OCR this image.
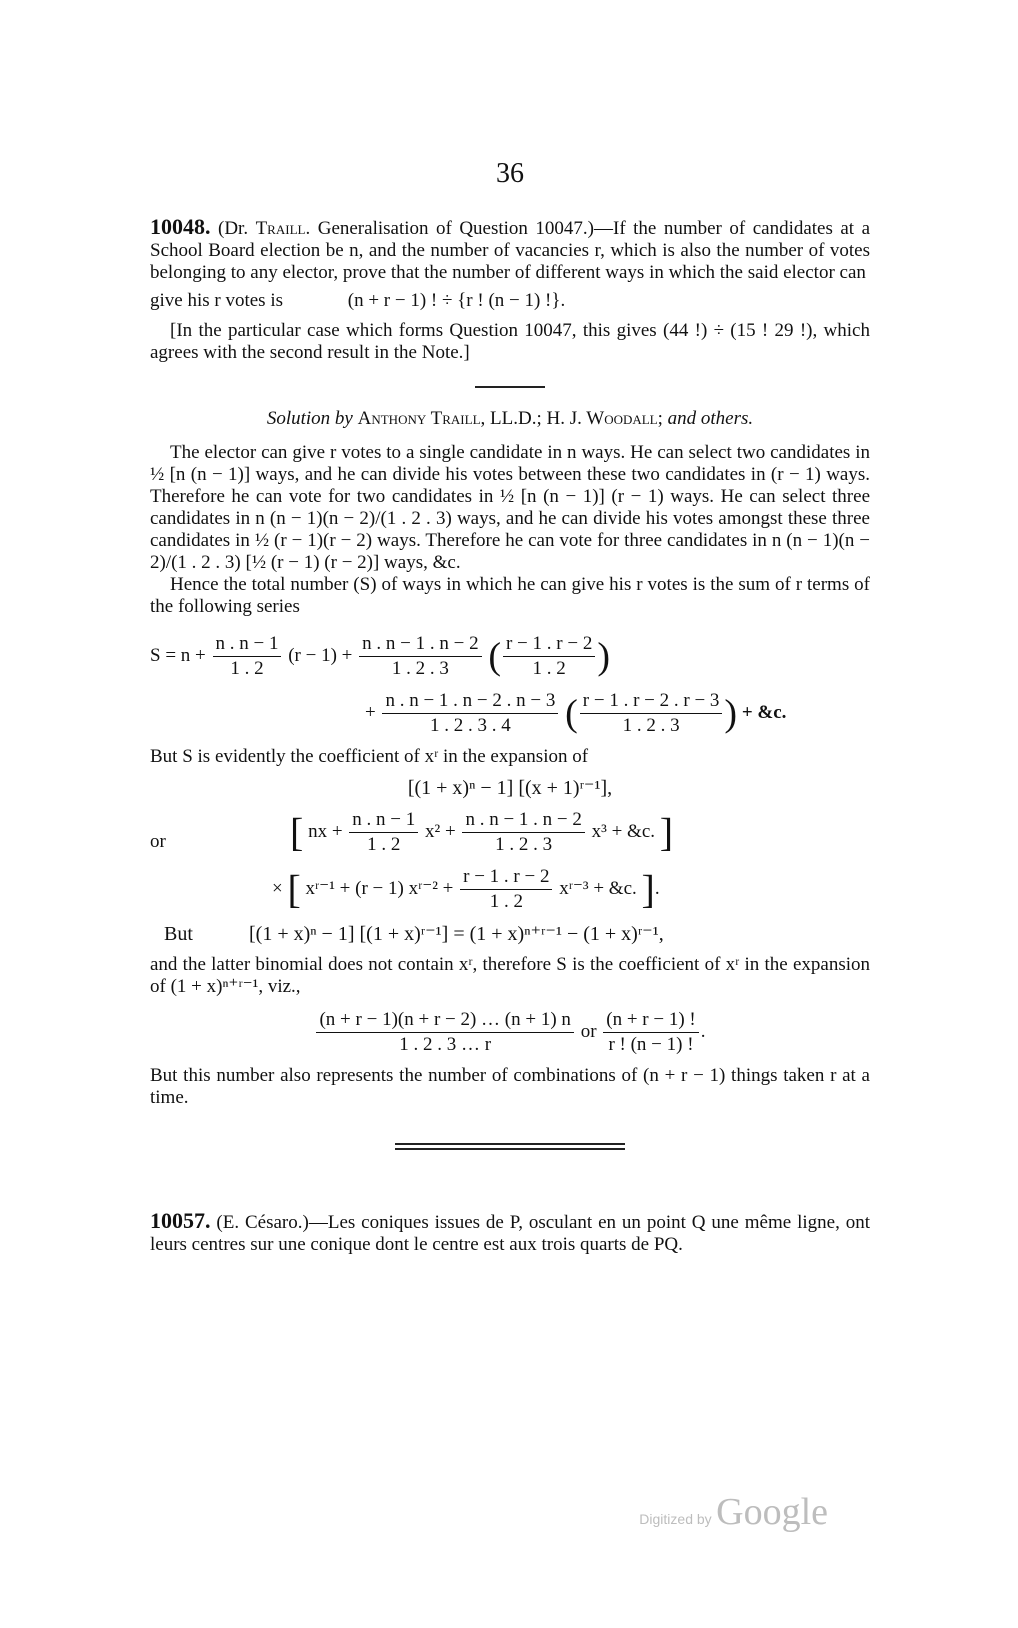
36
10048. (Dr. Traill. Generalisation of Question 10047.)—If the number of candidates at a School Board election be n, and the number of vacancies r, which is also the number of votes belonging to any elector, prove that the number of different ways in which the said elector can
give his r votes is	(n + r − 1) ! ÷ {r ! (n − 1) !}.
[In the particular case which forms Question 10047, this gives (44 !) ÷ (15 ! 29 !), which agrees with the second result in the Note.]
Solution by Anthony Traill, LL.D.; H. J. Woodall; and others.
The elector can give r votes to a single candidate in n ways. He can select two candidates in ½ [n (n − 1)] ways, and he can divide his votes between these two candidates in (r − 1) ways. Therefore he can vote for two candidates in ½ [n (n − 1)] (r − 1) ways. He can select three candidates in n (n − 1)(n − 2)/(1 . 2 . 3) ways, and he can divide his votes amongst these three candidates in ½ (r − 1)(r − 2) ways. Therefore he can vote for three candidates in n (n − 1)(n − 2)/(1 . 2 . 3) [½ (r − 1) (r − 2)] ways, &c.
Hence the total number (S) of ways in which he can give his r votes is the sum of r terms of the following series
$S = n + \frac{n . n - 1}{1 . 2} (r - 1) + \frac{n . n - 1 . n - 2}{1 . 2 . 3}$ ( $\frac{r - 1 . r - 2}{1 . 2}$ )
+ $\frac{n . n - 1 . n - 2 . n - 3}{1 . 2 . 3 . 4}$ ( $\frac{r - 1 . r - 2 . r - 3}{1 . 2 . 3}$ ) + &c.
But S is evidently the coefficient of xʳ in the expansion of
[(1 + x)ⁿ − 1] [(x + 1)ʳ⁻¹],
or	[ nx + $\frac{n . n - 1}{1 . 2} x^2 + \frac{n . n - 1 . n - 2}{1 . 2 . 3} x^3$ + &c. ]
× [ xʳ⁻¹ + (r − 1) xʳ⁻² + $\frac{r - 1 . r - 2}{1 . 2}$ xʳ⁻³ + &c. ].
But	[(1 + x)ⁿ − 1] [(1 + x)ʳ⁻¹] = (1 + x)ⁿ⁺ʳ⁻¹ − (1 + x)ʳ⁻¹,
and the latter binomial does not contain xʳ, therefore S is the coefficient of xʳ in the expansion of (1 + x)ⁿ⁺ʳ⁻¹, viz.,
$\frac{(n + r - 1)(n + r - 2) \dots (n + 1) n}{1 . 2 . 3 \dots r}$ or $\frac{(n + r - 1) !}{r ! (n - 1) !}$ .
But this number also represents the number of combinations of (n + r − 1) things taken r at a time.
10057. (E. Césaro.)—Les coniques issues de P, osculant en un point Q une même ligne, ont leurs centres sur une conique dont le centre est aux trois quarts de PQ.
Digitized by Google
